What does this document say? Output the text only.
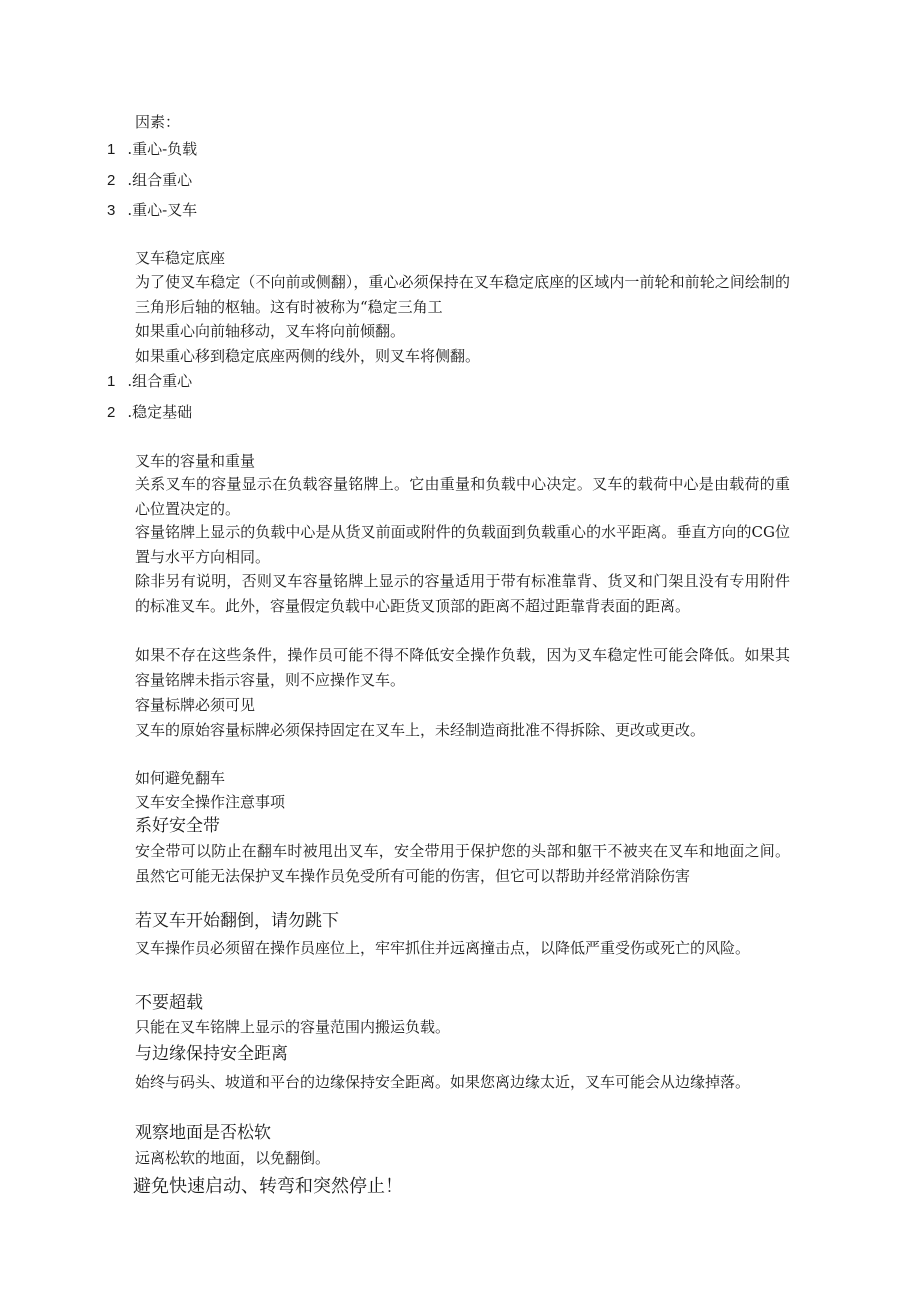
因素：
1 .重心-负载
2 .组合重心
3 .重心-叉车
叉车稳定底座
为了使叉车稳定（不向前或侧翻），重心必须保持在叉车稳定底座的区域内一前轮和前轮之间绘制的三角形后轴的枢轴。这有时被称为“稳定三角工
如果重心向前轴移动，叉车将向前倾翻。
如果重心移到稳定底座两侧的线外，则叉车将侧翻。
1 .组合重心
2 .稳定基础
叉车的容量和重量
关系叉车的容量显示在负载容量铭牌上。它由重量和负载中心决定。叉车的载荷中心是由载荷的重心位置决定的。
容量铭牌上显示的负载中心是从货叉前面或附件的负载面到负载重心的水平距离。垂直方向的CG位置与水平方向相同。
除非另有说明，否则叉车容量铭牌上显示的容量适用于带有标准靠背、货叉和门架且没有专用附件的标准叉车。此外，容量假定负载中心距货叉顶部的距离不超过距靠背表面的距离。
如果不存在这些条件，操作员可能不得不降低安全操作负载，因为叉车稳定性可能会降低。如果其容量铭牌未指示容量，则不应操作叉车。
容量标牌必须可见
叉车的原始容量标牌必须保持固定在叉车上，未经制造商批准不得拆除、更改或更改。
如何避免翻车
叉车安全操作注意事项
系好安全带
安全带可以防止在翻车时被甩出叉车，安全带用于保护您的头部和躯干不被夹在叉车和地面之间。虽然它可能无法保护叉车操作员免受所有可能的伤害，但它可以帮助并经常消除伤害
若叉车开始翻倒，请勿跳下
叉车操作员必须留在操作员座位上，牢牢抓住并远离撞击点，以降低严重受伤或死亡的风险。
不要超载
只能在叉车铭牌上显示的容量范围内搬运负载。
与边缘保持安全距离
始终与码头、坡道和平台的边缘保持安全距离。如果您离边缘太近，叉车可能会从边缘掉落。
观察地面是否松软
远离松软的地面，以免翻倒。
避免快速启动、转弯和突然停止！
